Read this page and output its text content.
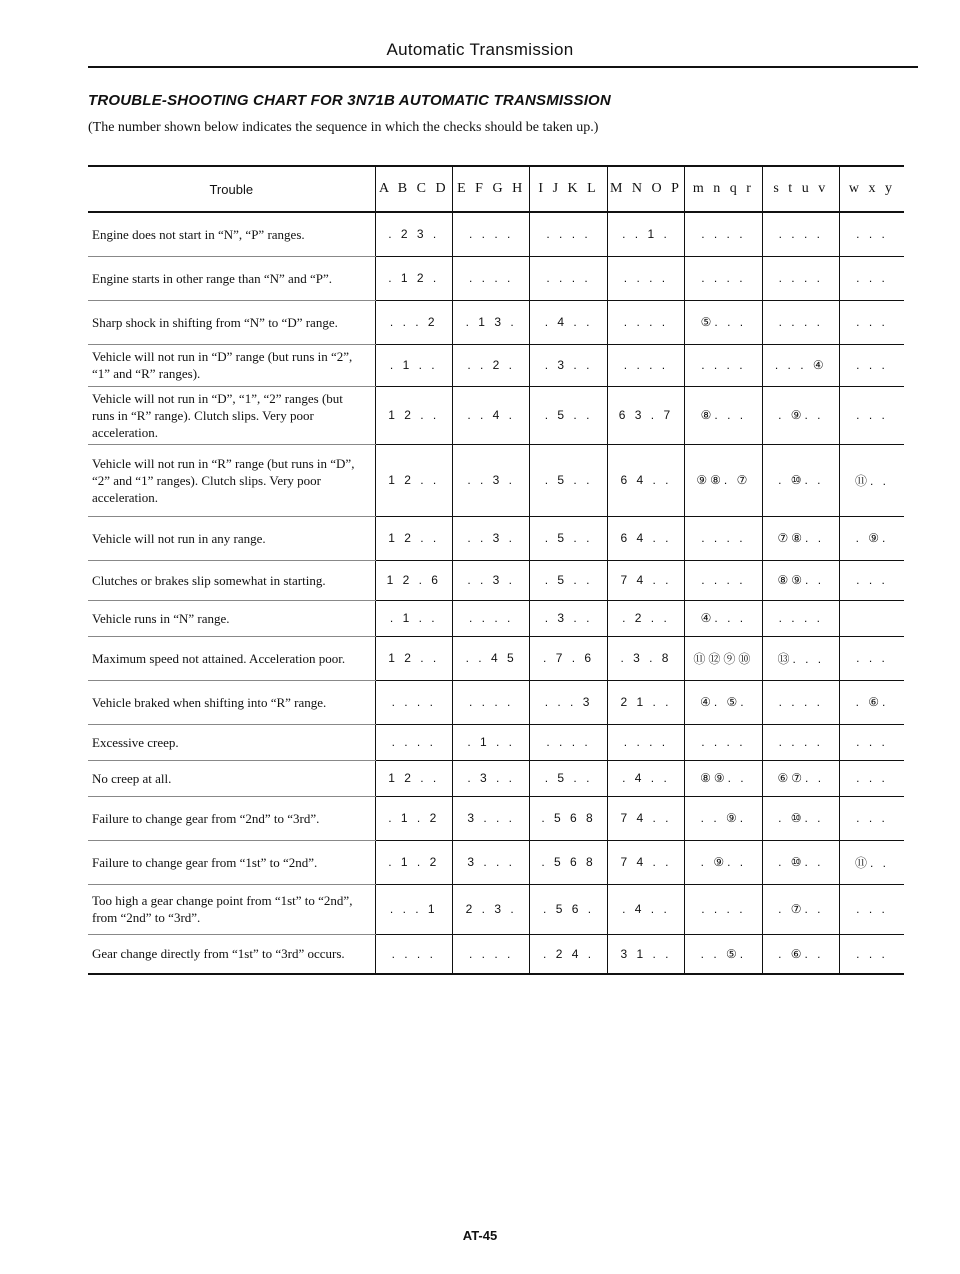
Automatic Transmission
TROUBLE-SHOOTING CHART FOR 3N71B AUTOMATIC TRANSMISSION
(The number shown below indicates the sequence in which the checks should be taken up.)
Trouble	A B C D	E F G H	I J K L	M N O P	m n q r	s t u v	w x y
Engine does not start in “N”, “P” ranges.	. 2 3 .	. . . .	. . . .	. . 1 .	. . . .	. . . .	. . .
Engine starts in other range than “N” and “P”.	. 1 2 .	. . . .	. . . .	. . . .	. . . .	. . . .	. . .
Sharp shock in shifting from “N” to “D” range.	. . . 2	. 1 3 .	. 4 . .	. . . .	⑤. . .	. . . .	. . .
Vehicle will not run in “D” range (but runs in “2”, “1” and “R” ranges).	. 1 . .	. . 2 .	. 3 . .	. . . .	. . . .	. . . ④	. . .
Vehicle will not run in “D”, “1”, “2” ranges (but runs in “R” range). Clutch slips. Very poor acceleration.	1 2 . .	. . 4 .	. 5 . .	6 3 . 7	⑧. . .	. ⑨. .	. . .
Vehicle will not run in “R” range (but runs in “D”, “2” and “1” ranges). Clutch slips. Very poor acceleration.	1 2 . .	. . 3 .	. 5 . .	6 4 . .	⑨⑧. ⑦	. ⑩. .	⑪. .
Vehicle will not run in any range.	1 2 . .	. . 3 .	. 5 . .	6 4 . .	. . . .	⑦⑧. .	. ⑨.
Clutches or brakes slip somewhat in starting.	1 2 . 6	. . 3 .	. 5 . .	7 4 . .	. . . .	⑧⑨. .	. . .
Vehicle runs in “N” range.	. 1 . .	. . . .	. 3 . .	. 2 . .	④. . .	. . . .	
Maximum speed not attained. Acceleration poor.	1 2 . .	. . 4 5	. 7 . 6	. 3 . 8	⑪⑫⑨⑩	⑬. . .	. . .
Vehicle braked when shifting into “R” range.	. . . .	. . . .	. . . 3	2 1 . .	④. ⑤.	. . . .	. ⑥.
Excessive creep.	. . . .	. 1 . .	. . . .	. . . .	. . . .	. . . .	. . .
No creep at all.	1 2 . .	. 3 . .	. 5 . .	. 4 . .	⑧⑨. .	⑥⑦. .	. . .
Failure to change gear from “2nd” to “3rd”.	. 1 . 2	3 . . .	. 5 6 8	7 4 . .	. . ⑨.	. ⑩. .	. . .
Failure to change gear from “1st” to “2nd”.	. 1 . 2	3 . . .	. 5 6 8	7 4 . .	. ⑨. .	. ⑩. .	⑪. .
Too high a gear change point from “1st” to “2nd”, from “2nd” to “3rd”.	. . . 1	2 . 3 .	. 5 6 .	. 4 . .	. . . .	. ⑦. .	. . .
Gear change directly from “1st” to “3rd” occurs.	. . . .	. . . .	. 2 4 .	3 1 . .	. . ⑤.	. ⑥. .	. . .
AT-45
